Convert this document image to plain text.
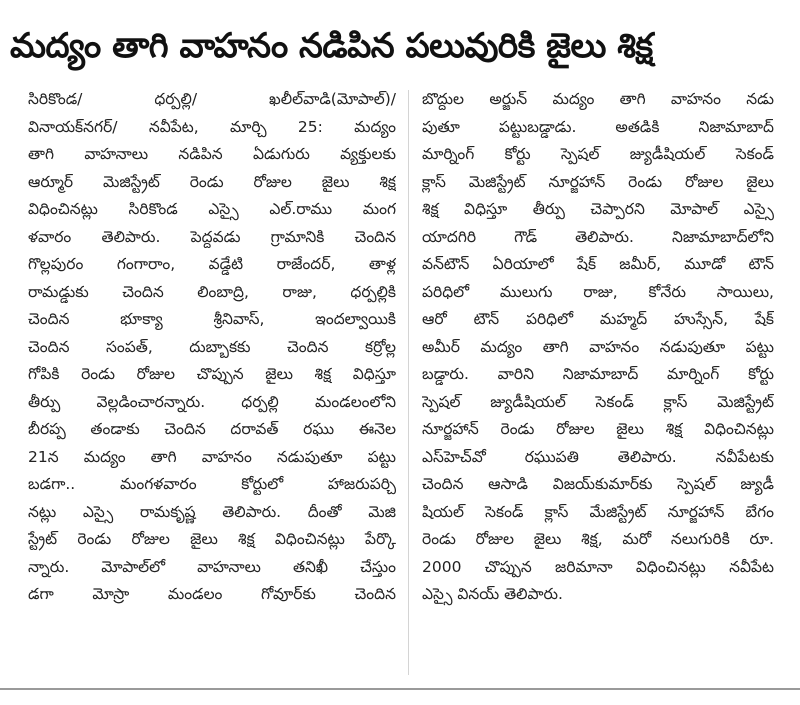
మద్యం తాగి వాహనం నడిపిన పలువురికి జైలు శిక్ష
సిరికొండ/ ధర్పల్లి/ ఖలీల్‌వాడి(మోపాల్)/
వినాయక్‌నగర్/ నవీపేట, మార్చి 25: మద్యం
తాగి వాహనాలు నడిపిన ఏడుగురు వ్యక్తులకు
ఆర్మూర్ మెజిస్ట్రేట్ రెండు రోజుల జైలు శిక్ష
విధించినట్లు సిరికొండ ఎస్సై ఎల్.రాము మంగ
ళవారం తెలిపారు. పెద్దవడు గ్రామానికి చెందిన
గొల్లపురం గంగారాం, వడ్డేటి రాజేందర్, తాళ్ల
రామడ్డుకు చెందిన లింబాద్రి, రాజు, ధర్పల్లికి
చెందిన భూక్యా శ్రీనివాస్, ఇందల్వాయికి
చెందిన సంపత్, దుబ్బాకకు చెందిన కర్రోల్ల
గోపికి రెండు రోజుల చొప్పున జైలు శిక్ష విధిస్తూ
తీర్పు వెల్లడించారన్నారు. ధర్పల్లి మండలంలోని
బీరప్ప తండాకు చెందిన దరావత్ రఘు ఈనెల
21న మద్యం తాగి వాహనం నడుపుతూ పట్టు
బడగా.. మంగళవారం కోర్టులో హాజరుపర్చి
నట్లు ఎస్సై రామకృష్ణ తెలిపారు. దీంతో మెజి
స్ట్రేట్ రెండు రోజుల జైలు శిక్ష విధించినట్లు పేర్కొ
న్నారు. మోపాల్‌లో వాహనాలు తనిఖీ చేస్తుం
డగా మోస్రా మండలం గోవూర్‌కు చెందిన
బొద్దుల అర్జున్ మద్యం తాగి వాహనం నడు
పుతూ పట్టుబడ్డాడు. అతడికి నిజామాబాద్
మార్నింగ్ కోర్టు స్పెషల్ జ్యుడీషియల్ సెకండ్
క్లాస్ మెజిస్ట్రేట్ నూర్జహాన్ రెండు రోజుల జైలు
శిక్ష విధిస్తూ తీర్పు చెప్పారని మోపాల్ ఎస్సై
యాదగిరి గౌడ్ తెలిపారు. నిజామాబాద్‌లోని
వన్‌టౌన్ ఏరియాలో షేక్ జమీర్, మూడో టౌన్
పరిధిలో ములుగు రాజు, కోనేరు సాయిలు,
ఆరో టౌన్ పరిధిలో మహ్మద్ హుస్సేన్, షేక్
అమీర్ మద్యం తాగి వాహనం నడుపుతూ పట్టు
బడ్డారు. వారిని నిజామాబాద్ మార్నింగ్ కోర్టు
స్పెషల్ జ్యుడీషియల్ సెకండ్ క్లాస్ మెజిస్ట్రేట్
నూర్జహాన్ రెండు రోజుల జైలు శిక్ష విధించినట్లు
ఎస్‌హెచ్‌వో రఘుపతి తెలిపారు. నవీపేటకు
చెందిన ఆసాడి విజయ్‌కుమార్‌కు స్పెషల్ జ్యుడీ
షియల్ సెకండ్ క్లాస్ మేజిస్ట్రేట్ నూర్జహాన్ బేగం
రెండు రోజుల జైలు శిక్ష, మరో నలుగురికి రూ.
2000 చొప్పున జరిమానా విధించినట్లు నవీపేట
ఎస్సై వినయ్ తెలిపారు.
